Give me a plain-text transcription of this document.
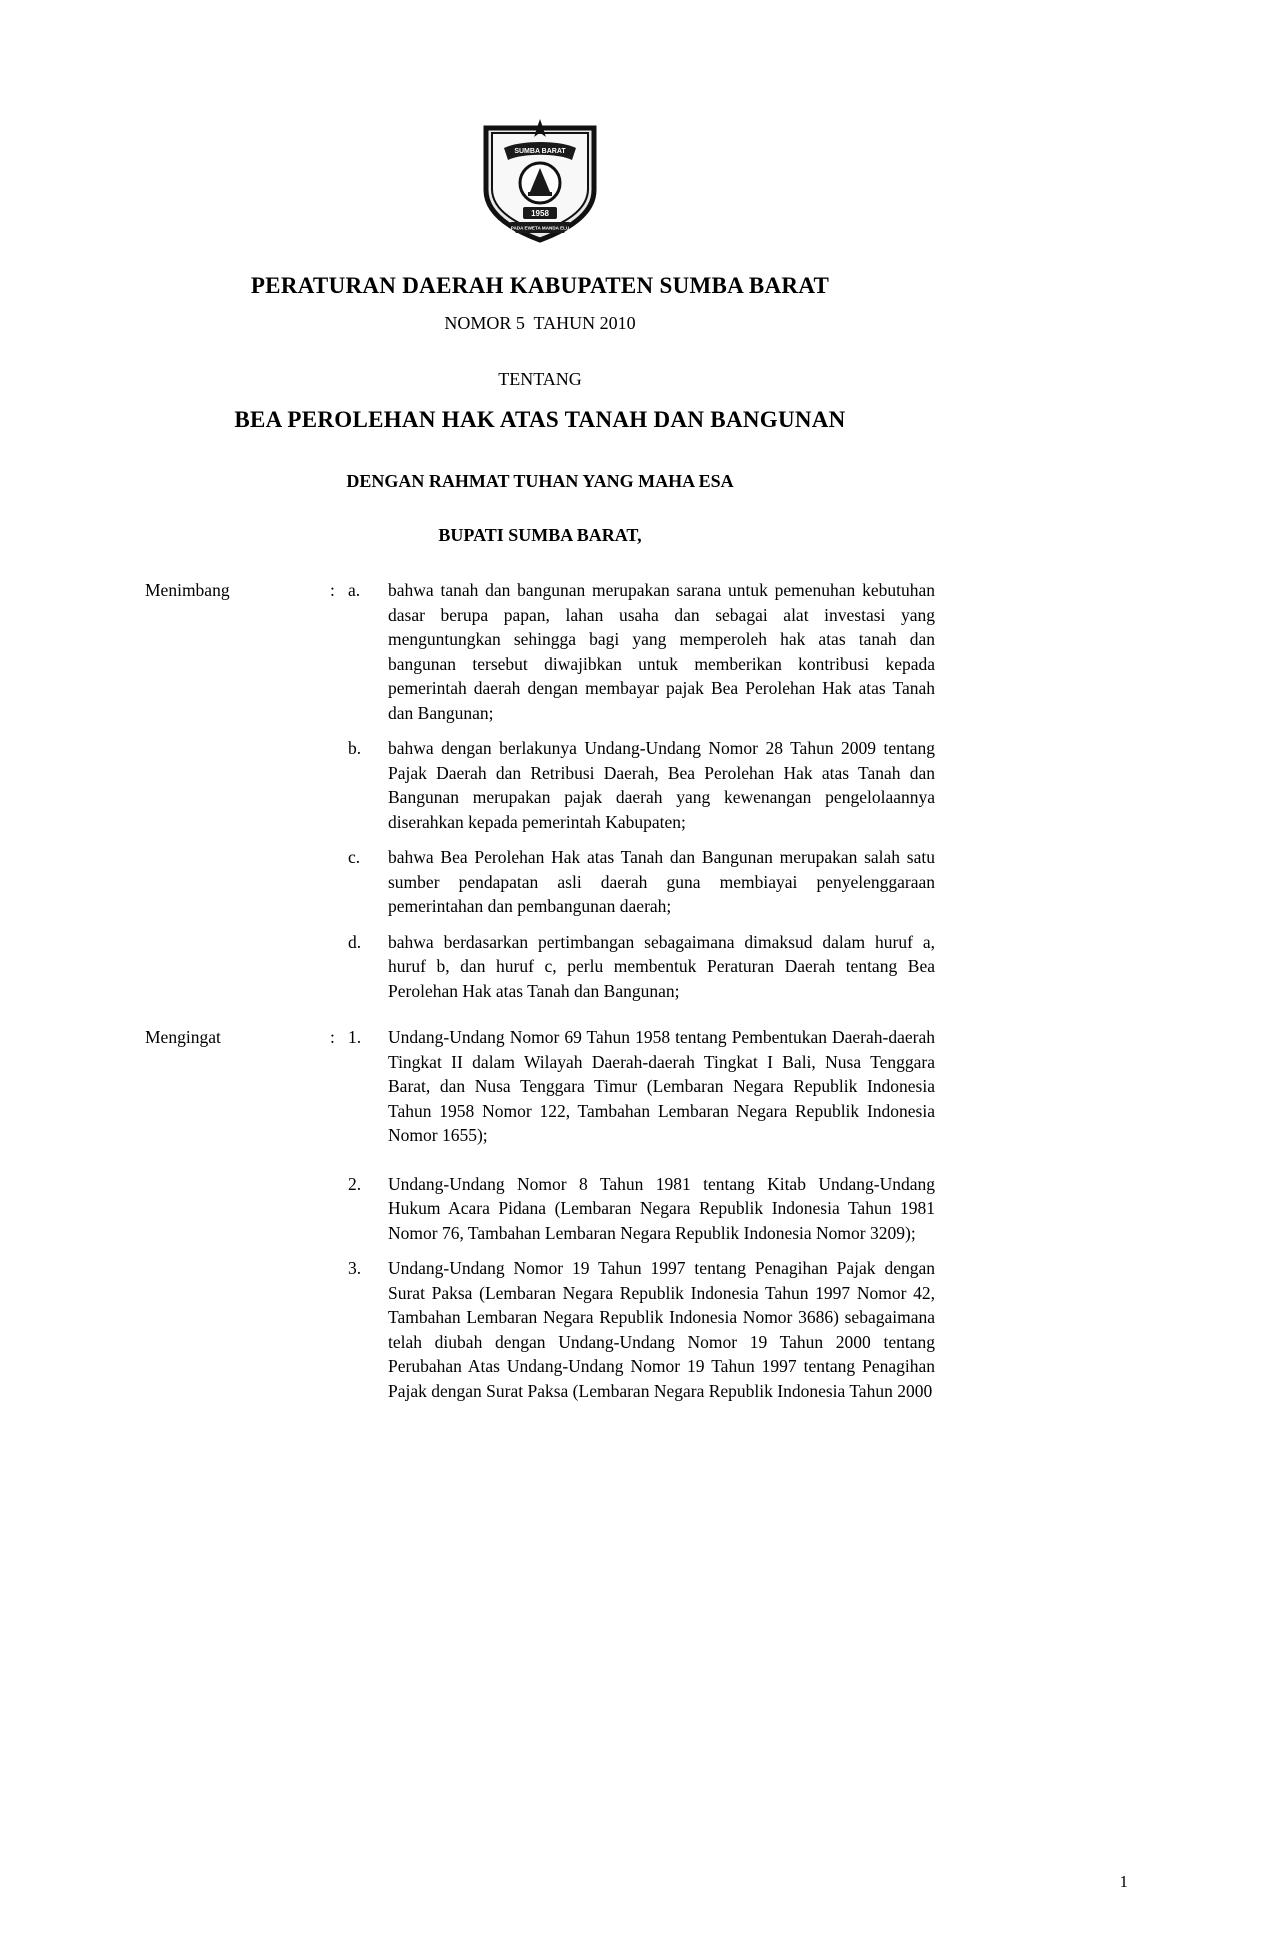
SUMBA BARAT
1958
PADA EWETA MANDA ELU
PERATURAN DAERAH KABUPATEN SUMBA BARAT
NOMOR 5  TAHUN 2010
TENTANG
BEA PEROLEHAN HAK ATAS TANAH DAN BANGUNAN
DENGAN RAHMAT TUHAN YANG MAHA ESA
BUPATI SUMBA BARAT,
Menimbang	: a.	bahwa tanah dan bangunan merupakan sarana untuk pemenuhan kebutuhan dasar berupa papan, lahan usaha dan sebagai alat investasi yang menguntungkan sehingga bagi yang memperoleh hak atas tanah dan bangunan tersebut diwajibkan untuk memberikan kontribusi kepada pemerintah daerah dengan membayar pajak Bea Perolehan Hak atas Tanah dan Bangunan;

b.	bahwa dengan berlakunya Undang-Undang Nomor 28 Tahun 2009 tentang Pajak Daerah dan Retribusi Daerah, Bea Perolehan Hak atas Tanah dan Bangunan merupakan pajak daerah yang kewenangan pengelolaannya diserahkan kepada pemerintah Kabupaten;

c.	bahwa Bea Perolehan Hak atas Tanah dan Bangunan merupakan salah satu sumber pendapatan asli daerah guna membiayai penyelenggaraan pemerintahan dan pembangunan daerah;

d.	bahwa berdasarkan pertimbangan sebagaimana dimaksud dalam huruf a, huruf b, dan huruf c, perlu membentuk Peraturan Daerah tentang Bea Perolehan Hak atas Tanah dan Bangunan;

Mengingat	: 1.	Undang-Undang Nomor 69 Tahun 1958 tentang Pembentukan Daerah-daerah Tingkat II dalam Wilayah Daerah-daerah Tingkat I Bali, Nusa Tenggara Barat, dan Nusa Tenggara Timur (Lembaran Negara Republik Indonesia Tahun 1958 Nomor 122, Tambahan Lembaran Negara Republik Indonesia Nomor 1655);

2.	Undang-Undang Nomor 8 Tahun 1981 tentang Kitab Undang-Undang Hukum Acara Pidana (Lembaran Negara Republik Indonesia Tahun 1981 Nomor 76, Tambahan Lembaran Negara Republik Indonesia Nomor 3209);

3.	Undang-Undang Nomor 19 Tahun 1997 tentang Penagihan Pajak dengan Surat Paksa (Lembaran Negara Republik Indonesia Tahun 1997 Nomor 42, Tambahan Lembaran Negara Republik Indonesia Nomor 3686) sebagaimana telah diubah dengan Undang-Undang Nomor 19 Tahun 2000 tentang Perubahan Atas Undang-Undang Nomor 19 Tahun 1997 tentang Penagihan Pajak dengan Surat Paksa (Lembaran Negara Republik Indonesia Tahun 2000

1
